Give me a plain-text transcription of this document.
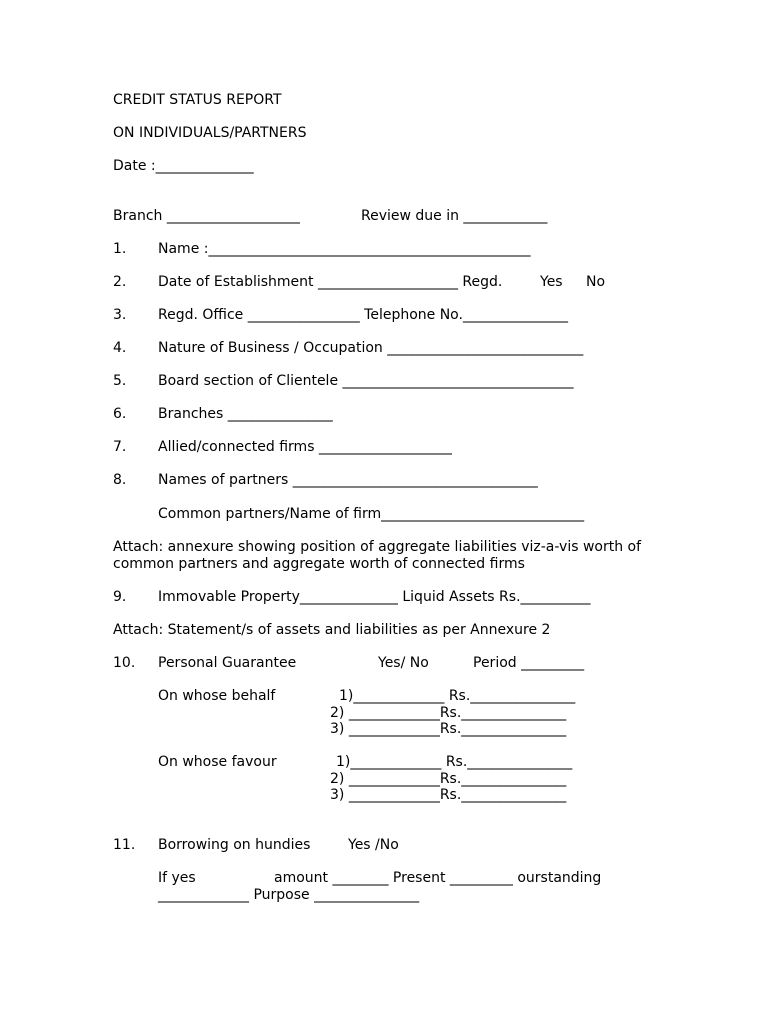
CREDIT STATUS REPORT
ON INDIVIDUALS/PARTNERS
Date :______________
Branch ___________________	Review due in ____________
1. Name :______________________________________________
2. Date of Establishment ____________________ Regd.	Yes No
3. Regd. Office ________________ Telephone No._______________
4. Nature of Business / Occupation ____________________________
5. Board section of Clientele _________________________________
6. Branches _______________
7. Allied/connected firms ___________________
8. Names of partners ___________________________________
Common partners/Name of firm_____________________________
Attach: annexure showing position of aggregate liabilities viz-a-vis worth of common partners and aggregate worth of connected firms
9. Immovable Property______________ Liquid Assets Rs.__________
Attach: Statement/s of assets and liabilities as per Annexure 2
10. Personal Guarantee	Yes/ No	Period _________
On whose behalf	1)_____________ Rs._______________
2) _____________Rs._______________
3) _____________Rs._______________
On whose favour	1)_____________ Rs._______________
2) _____________Rs._______________
3) _____________Rs._______________
11. Borrowing on hundies	Yes /No
If yes	amount ________ Present _________ ourstanding
_____________ Purpose _______________
